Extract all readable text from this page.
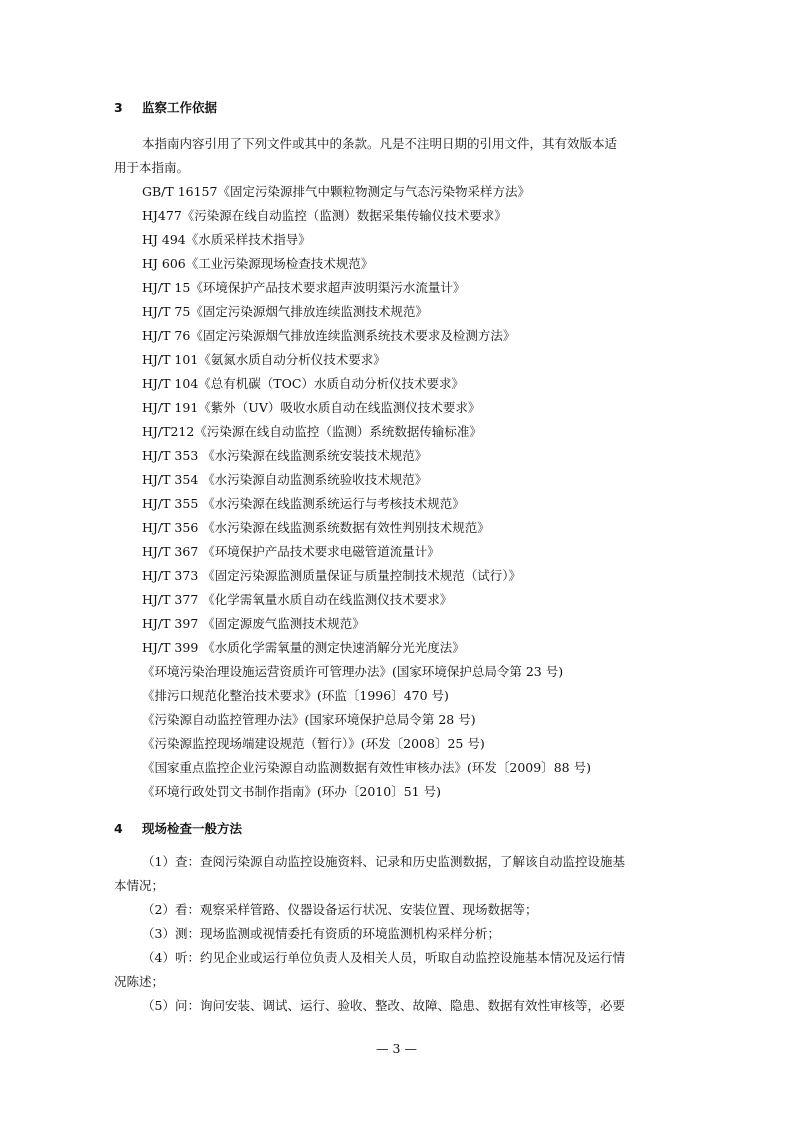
3 监察工作依据

本指南内容引用了下列文件或其中的条款。凡是不注明日期的引用文件，其有效版本适
用于本指南。

GB/T 16157《固定污染源排气中颗粒物测定与气态污染物采样方法》
HJ477《污染源在线自动监控（监测）数据采集传输仪技术要求》
HJ 494《水质采样技术指导》
HJ 606《工业污染源现场检查技术规范》
HJ/T 15《环境保护产品技术要求超声波明渠污水流量计》
HJ/T 75《固定污染源烟气排放连续监测技术规范》
HJ/T 76《固定污染源烟气排放连续监测系统技术要求及检测方法》
HJ/T 101《氨氮水质自动分析仪技术要求》
HJ/T 104《总有机碳（TOC）水质自动分析仪技术要求》
HJ/T 191《紫外（UV）吸收水质自动在线监测仪技术要求》
HJ/T212《污染源在线自动监控（监测）系统数据传输标准》
HJ/T 353 《水污染源在线监测系统安装技术规范》
HJ/T 354 《水污染源自动监测系统验收技术规范》
HJ/T 355 《水污染源在线监测系统运行与考核技术规范》
HJ/T 356 《水污染源在线监测系统数据有效性判别技术规范》
HJ/T 367 《环境保护产品技术要求电磁管道流量计》
HJ/T 373 《固定污染源监测质量保证与质量控制技术规范（试行）》
HJ/T 377 《化学需氧量水质自动在线监测仪技术要求》
HJ/T 397 《固定源废气监测技术规范》
HJ/T 399 《水质化学需氧量的测定快速消解分光光度法》
《环境污染治理设施运营资质许可管理办法》(国家环境保护总局令第 23 号)
《排污口规范化整治技术要求》(环监〔1996〕470 号)
《污染源自动监控管理办法》(国家环境保护总局令第 28 号)
《污染源监控现场端建设规范（暂行）》(环发〔2008〕25 号)
《国家重点监控企业污染源自动监测数据有效性审核办法》(环发〔2009〕88 号)
《环境行政处罚文书制作指南》(环办〔2010〕51 号)
4 现场检查一般方法
（1）查：查阅污染源自动监控设施资料、记录和历史监测数据，了解该自动监控设施基
本情况；
（2）看：观察采样管路、仪器设备运行状况、安装位置、现场数据等；
（3）测：现场监测或视情委托有资质的环境监测机构采样分析；
（4）听：约见企业或运行单位负责人及相关人员，听取自动监控设施基本情况及运行情
况陈述；
（5）问：询问安装、调试、运行、验收、整改、故障、隐患、数据有效性审核等，必要
— 3 —
